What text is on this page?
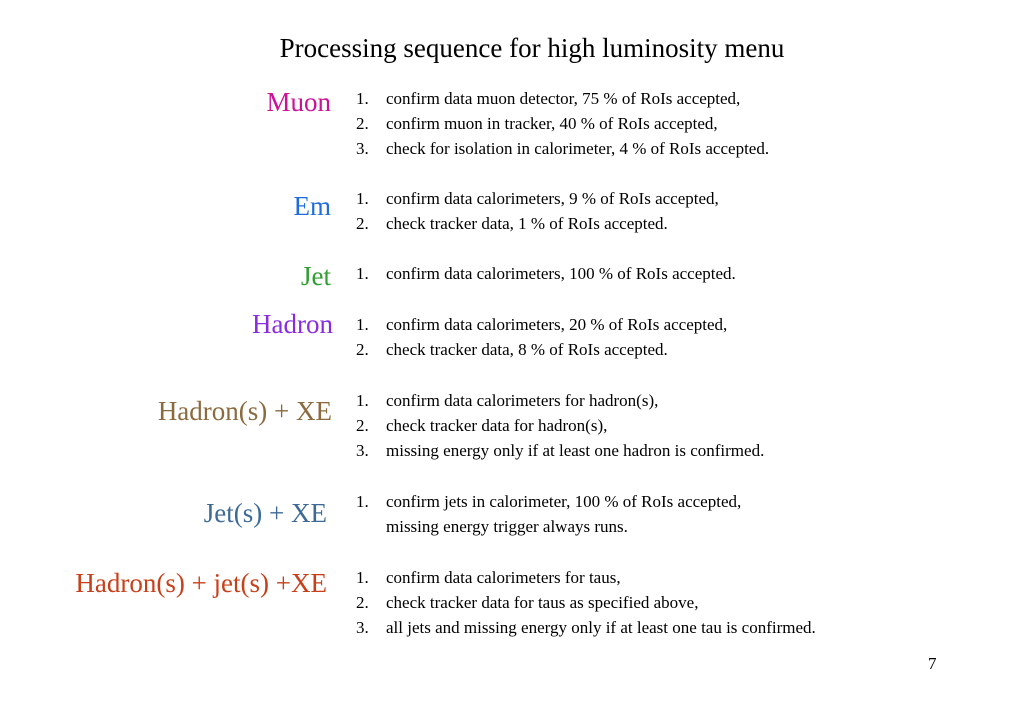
Processing sequence for high luminosity menu
Muon 1. confirm data muon detector, 75 % of RoIs accepted,
2. confirm muon in tracker, 40 % of RoIs accepted,
3. check for isolation in calorimeter, 4 % of RoIs accepted.
Em 1. confirm data calorimeters, 9 % of RoIs accepted,
2. check tracker data, 1 % of RoIs accepted.
Jet 1. confirm data calorimeters, 100 % of RoIs accepted.
Hadron 1. confirm data calorimeters, 20 % of RoIs accepted,
2. check tracker data, 8 % of RoIs accepted.
Hadron(s) + XE 1. confirm data calorimeters for hadron(s),
2. check tracker data for hadron(s),
3. missing energy only if at least one hadron is confirmed.
Jet(s) + XE 1. confirm jets in calorimeter, 100 % of RoIs accepted,
missing energy trigger always runs.
Hadron(s) + jet(s) +XE 1. confirm data calorimeters for taus,
2. check tracker data for taus as specified above,
3. all jets and missing energy only if at least one tau is confirmed.
7
